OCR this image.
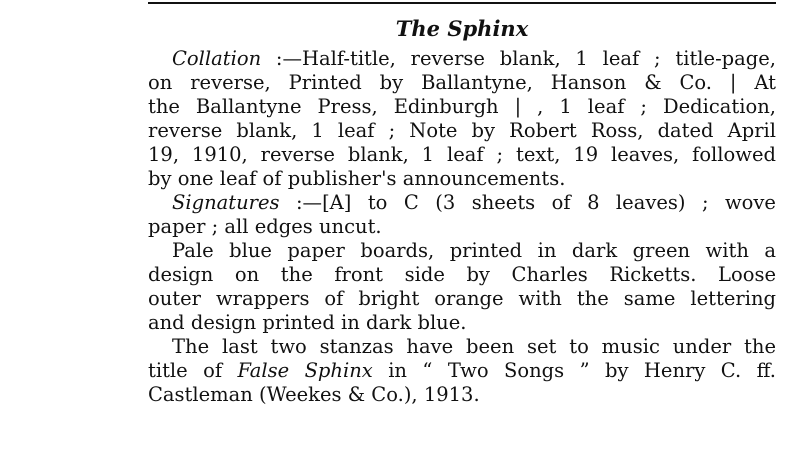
The Sphinx
Collation :—Half-title, reverse blank, 1 leaf ; title-page,
on reverse, Printed by Ballantyne, Hanson & Co. | At
the Ballantyne Press, Edinburgh | , 1 leaf ; Dedication,
reverse blank, 1 leaf ; Note by Robert Ross, dated April
19, 1910, reverse blank, 1 leaf ; text, 19 leaves, followed
by one leaf of publisher's announcements.
Signatures :—[A] to C (3 sheets of 8 leaves) ; wove
paper ; all edges uncut.
Pale blue paper boards, printed in dark green with a
design on the front side by Charles Ricketts. Loose
outer wrappers of bright orange with the same lettering
and design printed in dark blue.
The last two stanzas have been set to music under the
title of False Sphinx in “ Two Songs ” by Henry C. ff.
Castleman (Weekes & Co.), 1913.
